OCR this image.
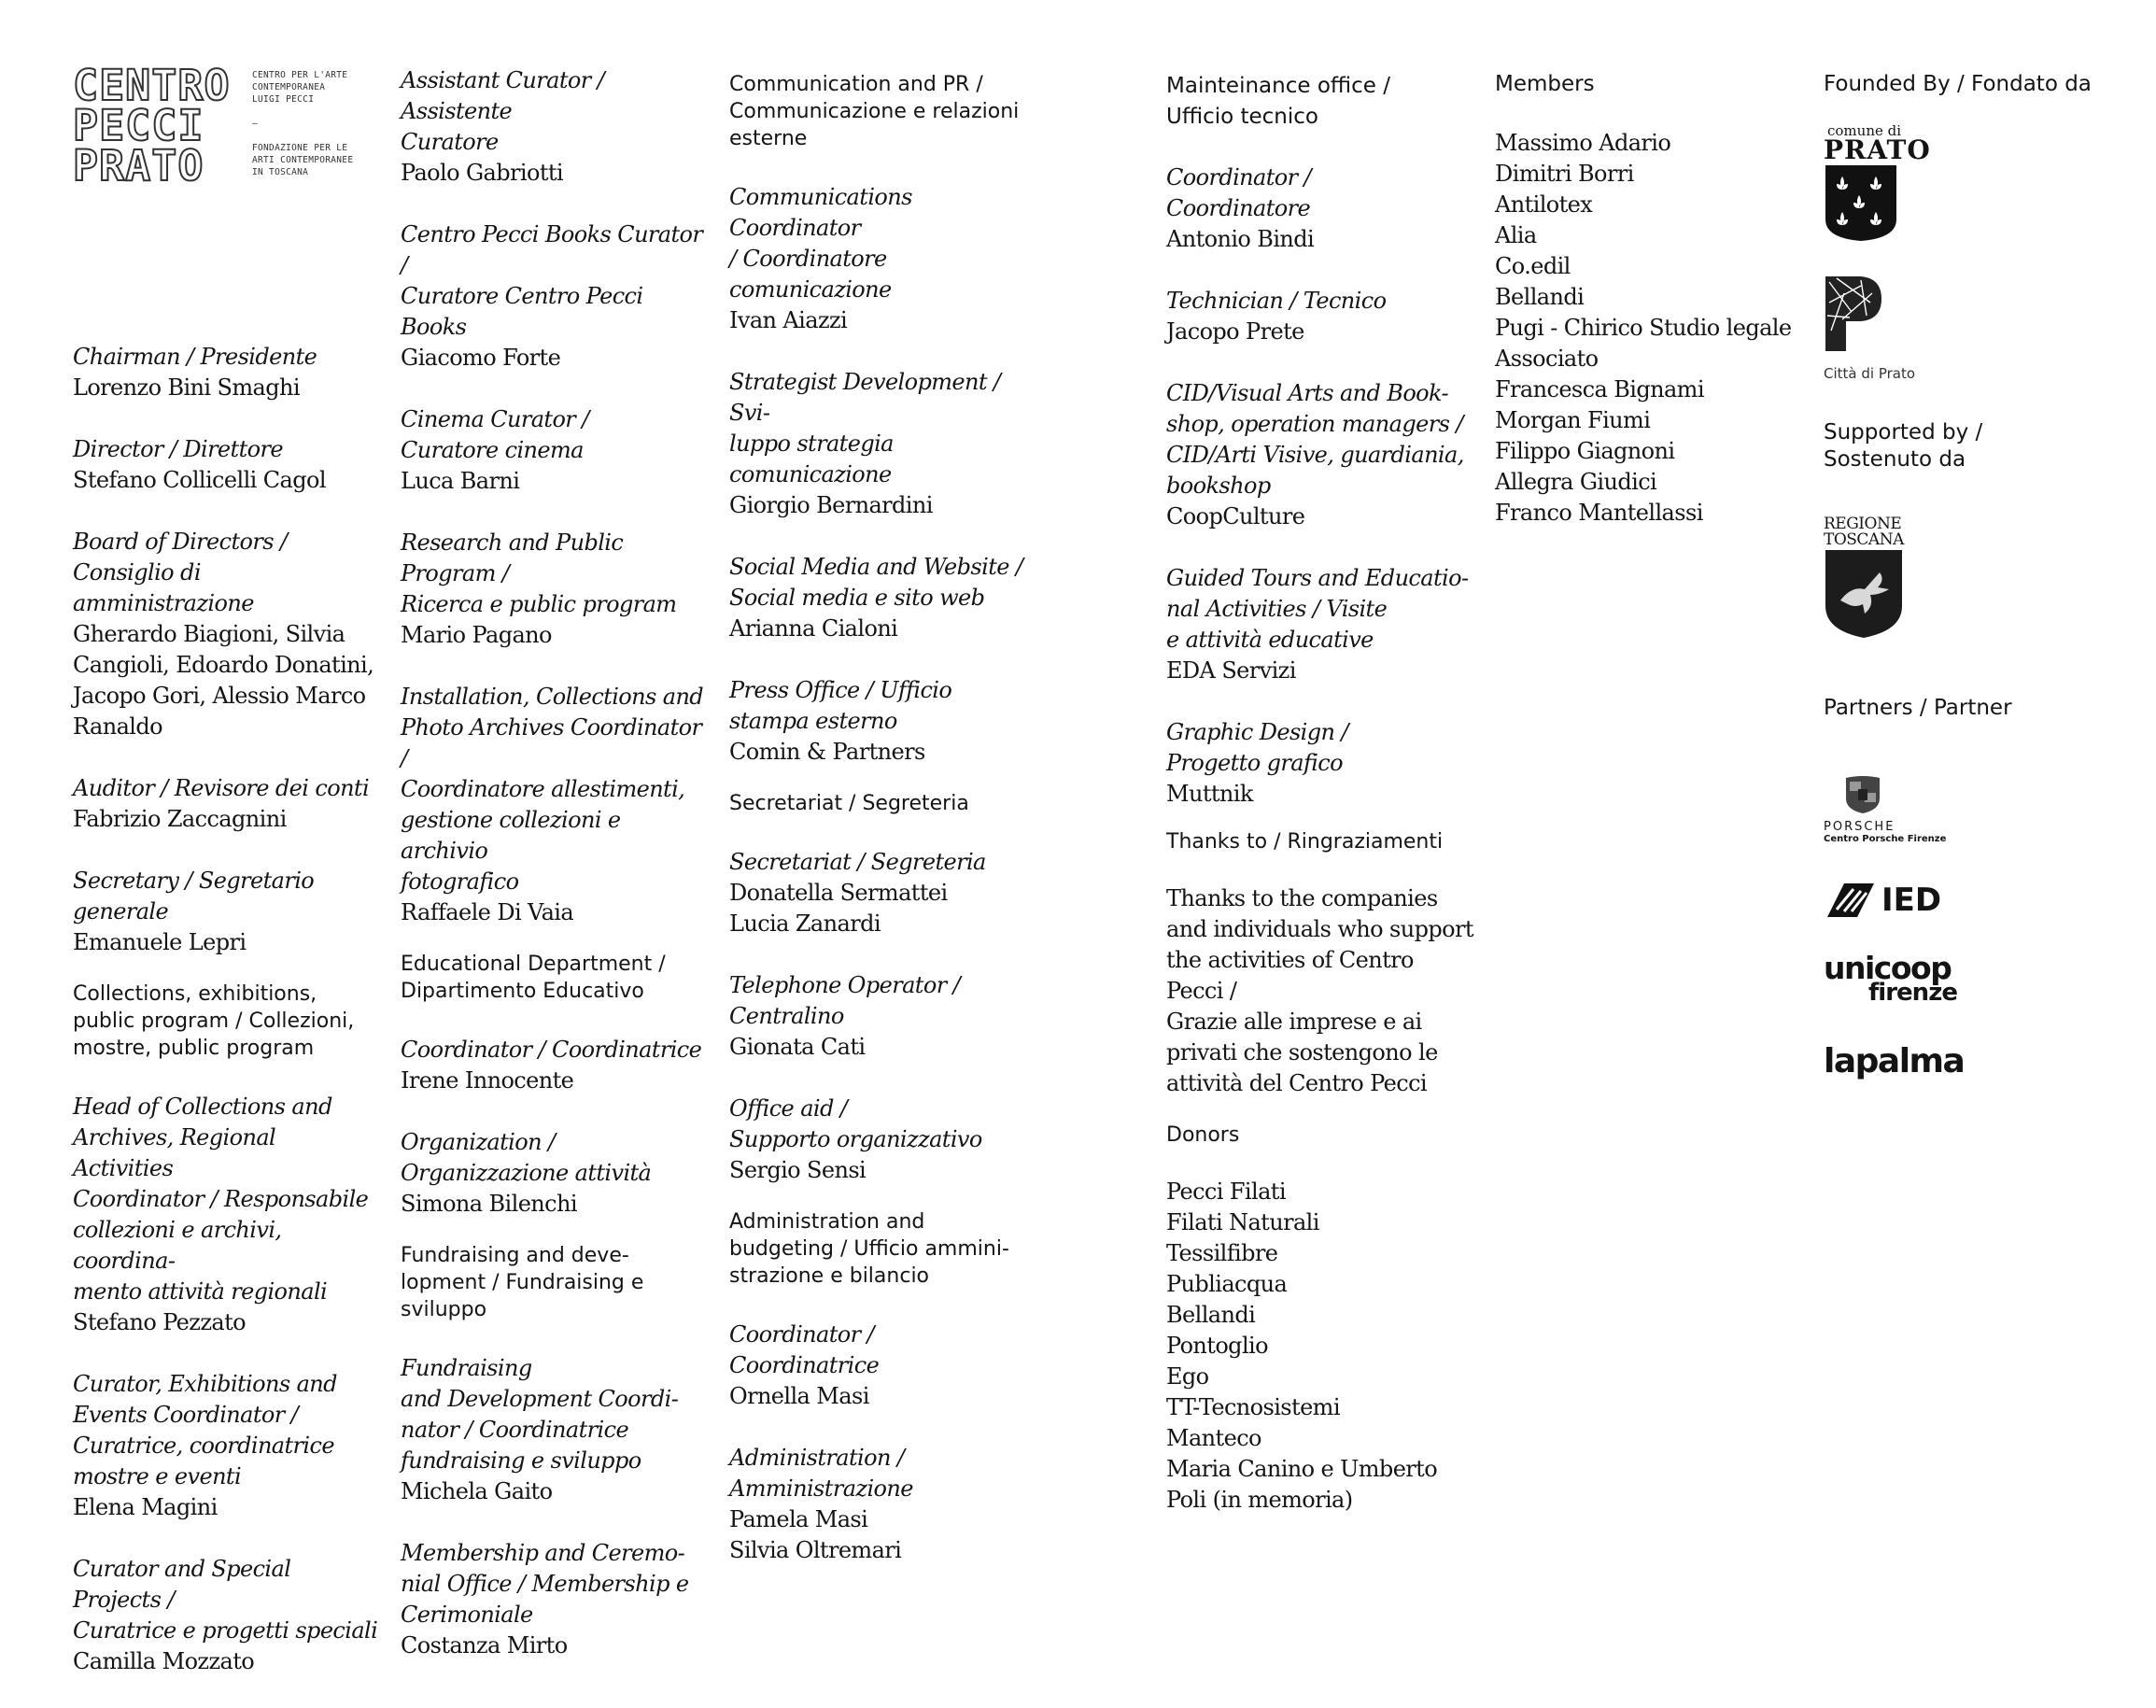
CENTRO
PECCI
PRATO
CENTRO PER L'ARTE
CONTEMPORANEA
LUIGI PECCI

—

FONDAZIONE PER LE
ARTI CONTEMPORANEE
IN TOSCANA
Chairman / Presidente
Lorenzo Bini Smaghi
Director / Direttore
Stefano Collicelli Cagol
Board of Directors /
Consiglio di amministrazione
Gherardo Biagioni, Silvia
Cangioli, Edoardo Donatini,
Jacopo Gori, Alessio Marco
Ranaldo
Auditor / Revisore dei conti
Fabrizio Zaccagnini
Secretary / Segretario generale
Emanuele Lepri
Collections, exhibitions,
public program / Collezioni,
mostre, public program
Head of Collections and
Archives, Regional Activities
Coordinator / Responsabile
collezioni e archivi, coordina-
mento attività regionali
Stefano Pezzato
Curator, Exhibitions and
Events Coordinator /
Curatrice, coordinatrice
mostre e eventi
Elena Magini
Curator and Special Projects /
Curatrice e progetti speciali
Camilla Mozzato
Assistant Curator / Assistente
Curatore
Paolo Gabriotti
Centro Pecci Books Curator /
Curatore Centro Pecci Books
Giacomo Forte
Cinema Curator /
Curatore cinema
Luca Barni
Research and Public Program /
Ricerca e public program
Mario Pagano
Installation, Collections and
Photo Archives Coordinator /
Coordinatore allestimenti,
gestione collezioni e archivio
fotografico
Raffaele Di Vaia
Educational Department /
Dipartimento Educativo
Coordinator / Coordinatrice
Irene Innocente
Organization /
Organizzazione attività
Simona Bilenchi
Fundraising and deve-
lopment / Fundraising e
sviluppo
Fundraising
and Development Coordi-
nator / Coordinatrice
fundraising e sviluppo
Michela Gaito
Membership and Ceremo-
nial Office / Membership e
Cerimoniale
Costanza Mirto
Communication and PR /
Communicazione e relazioni
esterne
Communications Coordinator
/ Coordinatore comunicazione
Ivan Aiazzi
Strategist Development / Svi-
luppo strategia comunicazione
Giorgio Bernardini
Social Media and Website /
Social media e sito web
Arianna Cialoni
Press Office / Ufficio
stampa esterno
Comin & Partners
Secretariat / Segreteria
Secretariat / Segreteria
Donatella Sermattei
Lucia Zanardi
Telephone Operator /
Centralino
Gionata Cati
Office aid /
Supporto organizzativo
Sergio Sensi
Administration and
budgeting / Ufficio ammini-
strazione e bilancio
Coordinator /
Coordinatrice
Ornella Masi
Administration /
Amministrazione
Pamela Masi
Silvia Oltremari
Mainteinance office /
Ufficio tecnico
Coordinator /
Coordinatore
Antonio Bindi
Technician / Tecnico
Jacopo Prete
CID/Visual Arts and Book-
shop, operation managers /
CID/Arti Visive, guardiania,
bookshop
CoopCulture
Guided Tours and Educatio-
nal Activities / Visite
e attività educative
EDA Servizi
Graphic Design /
Progetto grafico
Muttnik
Thanks to / Ringraziamenti
Thanks to the companies
and individuals who support
the activities of Centro Pecci /
Grazie alle imprese e ai
privati che sostengono le
attività del Centro Pecci
Donors
Pecci Filati
Filati Naturali
Tessilfibre
Publiacqua
Bellandi
Pontoglio
Ego
TT-Tecnosistemi
Manteco
Maria Canino e Umberto
Poli (in memoria)
Members
Massimo Adario
Dimitri Borri
Antilotex
Alia
Co.edil
Bellandi
Pugi - Chirico Studio legale
Associato
Francesca Bignami
Morgan Fiumi
Filippo Giagnoni
Allegra Giudici
Franco Mantellassi
Founded By / Fondato da
comune di
PRATO
Città di Prato
Supported by /
Sostenuto da
REGIONE
TOSCANA
Partners / Partner
PORSCHE
Centro Porsche Firenze
IED
unicoop
firenze
lapalma
